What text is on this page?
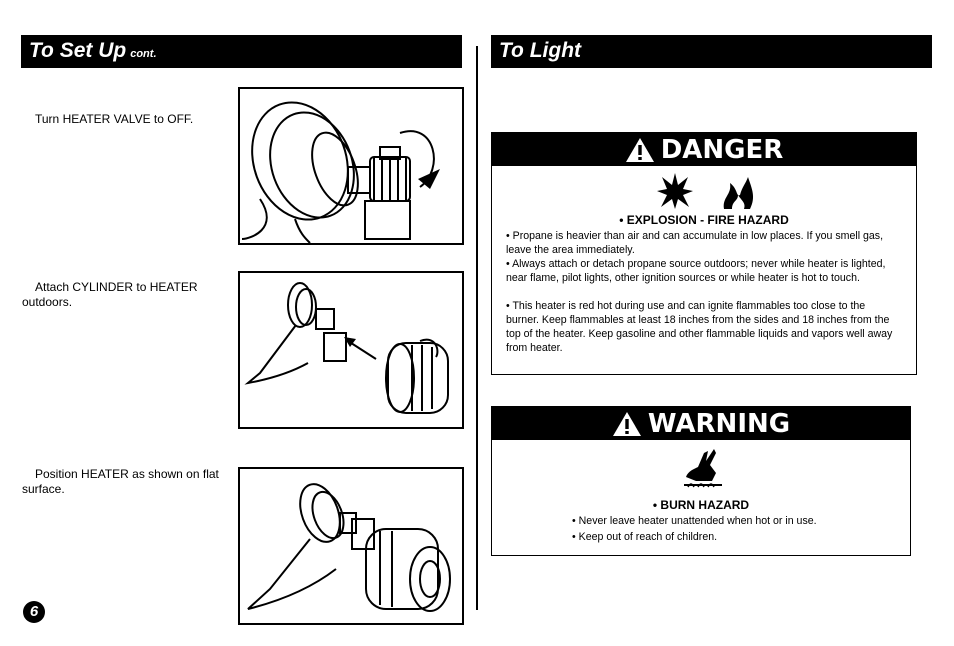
To Set Up cont.	To Light
Turn HEATER VALVE to OFF.
Attach CYLINDER to HEATER outdoors.
Position HEATER as shown on flat surface.
6
DANGER
• EXPLOSION - FIRE HAZARD
• Propane is heavier than air and can accumulate in low places. If you smell gas, leave the area immediately.
• Always attach or detach propane source outdoors; never while heater is lighted, near flame, pilot lights, other ignition sources or while heater is hot to touch.
• This heater is red hot during use and can ignite flammables too close to the burner. Keep flammables at least 18 inches from the sides and 18 inches from the top of the heater. Keep gasoline and other flammable liquids and vapors well away from heater.
WARNING
• BURN HAZARD
• Never leave heater unattended when hot or in use.
• Keep out of reach of children.
